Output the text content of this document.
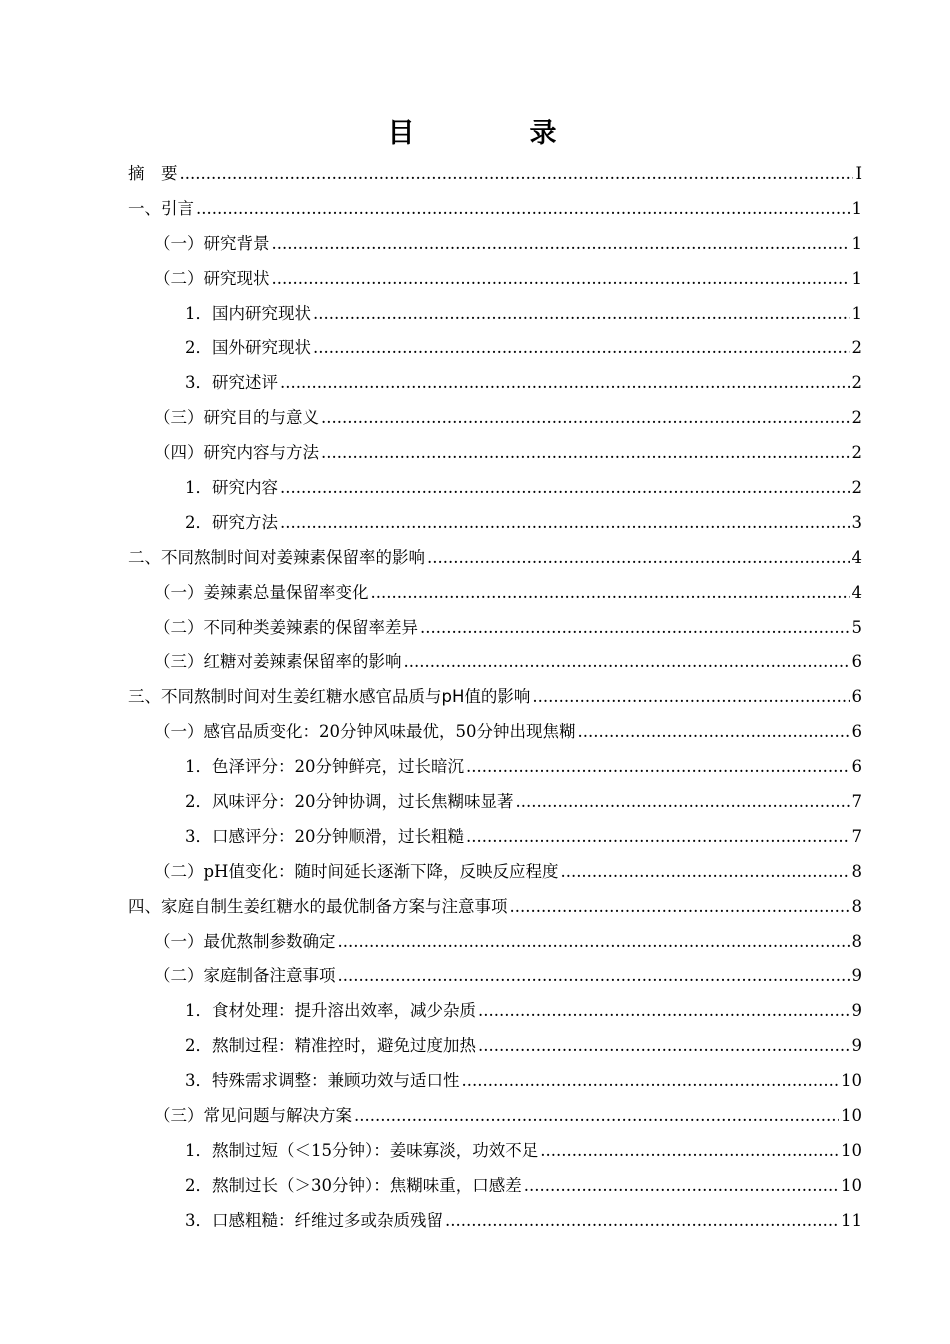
目　录
摘　要 .....	I
一、引言 .....	1
（一）研究背景 .....	1
（二）研究现状 .....	1
1．国内研究现状 .....	1
2．国外研究现状 .....	2
3．研究述评 .....	2
（三）研究目的与意义 .....	2
（四）研究内容与方法 .....	2
1．研究内容 .....	2
2．研究方法 .....	3
二、不同熬制时间对姜辣素保留率的影响 .....	4
（一）姜辣素总量保留率变化 .....	4
（二）不同种类姜辣素的保留率差异 .....	5
（三）红糖对姜辣素保留率的影响 .....	6
三、不同熬制时间对生姜红糖水感官品质与pH值的影响 .....	6
（一）感官品质变化：20分钟风味最优，50分钟出现焦糊 .....	6
1．色泽评分：20分钟鲜亮，过长暗沉 .....	6
2．风味评分：20分钟协调，过长焦糊味显著 .....	7
3．口感评分：20分钟顺滑，过长粗糙 .....	7
（二）pH值变化：随时间延长逐渐下降，反映反应程度 .....	8
四、家庭自制生姜红糖水的最优制备方案与注意事项 .....	8
（一）最优熬制参数确定 .....	8
（二）家庭制备注意事项 .....	9
1．食材处理：提升溶出效率，减少杂质 .....	9
2．熬制过程：精准控时，避免过度加热 .....	9
3．特殊需求调整：兼顾功效与适口性 .....	10
（三）常见问题与解决方案 .....	10
1．熬制过短（＜15分钟）：姜味寡淡，功效不足 .....	10
2．熬制过长（＞30分钟）：焦糊味重，口感差 .....	10
3．口感粗糙：纤维过多或杂质残留 .....	11
